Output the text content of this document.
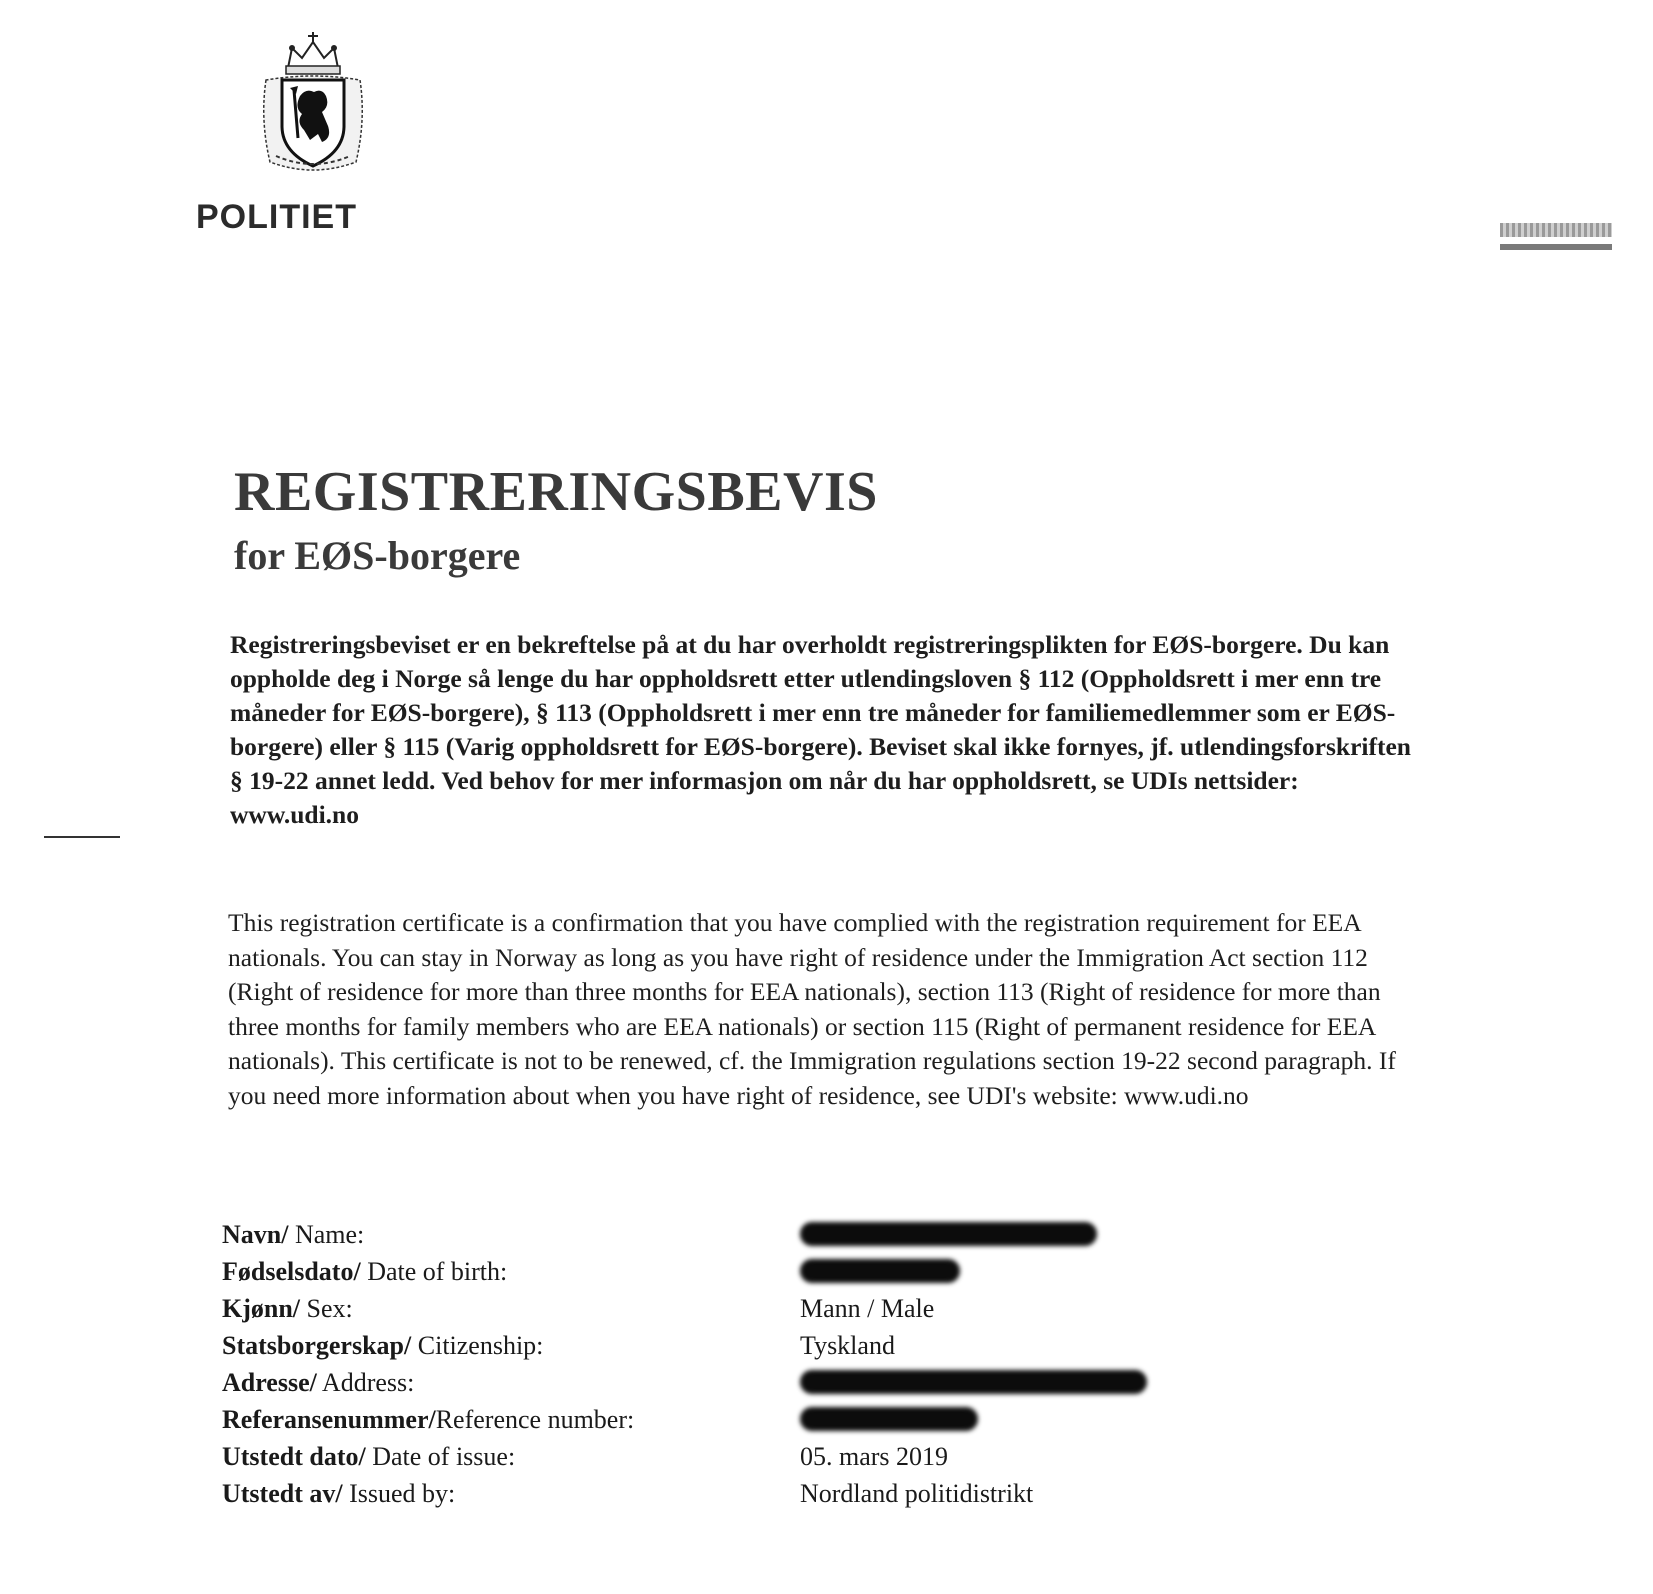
POLITIET
REGISTRERINGSBEVIS
for EØS-borgere

Registreringsbeviset er en bekreftelse på at du har overholdt registreringsplikten for EØS-borgere. Du kan oppholde deg i Norge så lenge du har oppholdsrett etter utlendingsloven § 112 (Oppholdsrett i mer enn tre måneder for EØS-borgere), § 113 (Oppholdsrett i mer enn tre måneder for familiemedlemmer som er EØS-borgere) eller § 115 (Varig oppholdsrett for EØS-borgere). Beviset skal ikke fornyes, jf. utlendingsforskriften § 19-22 annet ledd. Ved behov for mer informasjon om når du har oppholdsrett, se UDIs nettsider: www.udi.no

This registration certificate is a confirmation that you have complied with the registration requirement for EEA nationals. You can stay in Norway as long as you have right of residence under the Immigration Act section 112 (Right of residence for more than three months for EEA nationals), section 113 (Right of residence for more than three months for family members who are EEA nationals) or section 115 (Right of permanent residence for EEA nationals). This certificate is not to be renewed, cf. the Immigration regulations section 19-22 second paragraph. If you need more information about when you have right of residence, see UDI's website: www.udi.no

Navn/ Name:
Fødselsdato/ Date of birth:
Kjønn/ Sex:	Mann / Male
Statsborgerskap/ Citizenship:	Tyskland
Adresse/ Address:
Referansenummer/Reference number:
Utstedt dato/ Date of issue:	05. mars 2019
Utstedt av/ Issued by:	Nordland politidistrikt
